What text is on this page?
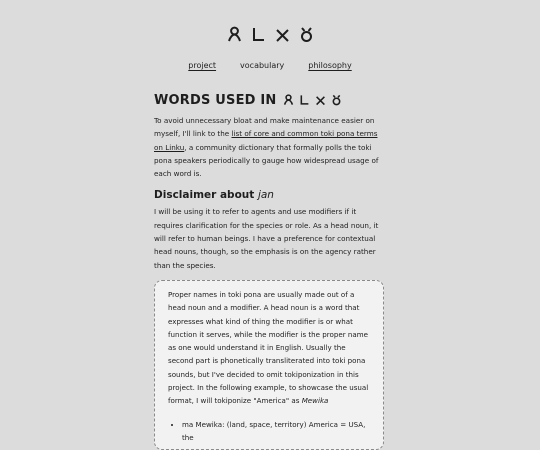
project	vocabulary	philosophy
WORDS USED IN

To avoid unnecessary bloat and make maintenance easier on myself, I'll link to the list of core and common toki pona terms on Linku, a community dictionary that formally polls the toki pona speakers periodically to gauge how widespread usage of each word is.

Disclaimer about jan

I will be using it to refer to agents and use modifiers if it requires clarification for the species or role. As a head noun, it will refer to human beings. I have a preference for contextual head nouns, though, so the emphasis is on the agency rather than the species.

Proper names in toki pona are usually made out of a head noun and a modifier. A head noun is a word that expresses what kind of thing the modifier is or what function it serves, while the modifier is the proper name as one would understand it in English. Usually the second part is phonetically transliterated into toki pona sounds, but I've decided to omit tokiponization in this project. In the following example, to showcase the usual format, I will tokiponize "America" as Mewika

• ma Mewika: (land, space, territory) America = USA, the
